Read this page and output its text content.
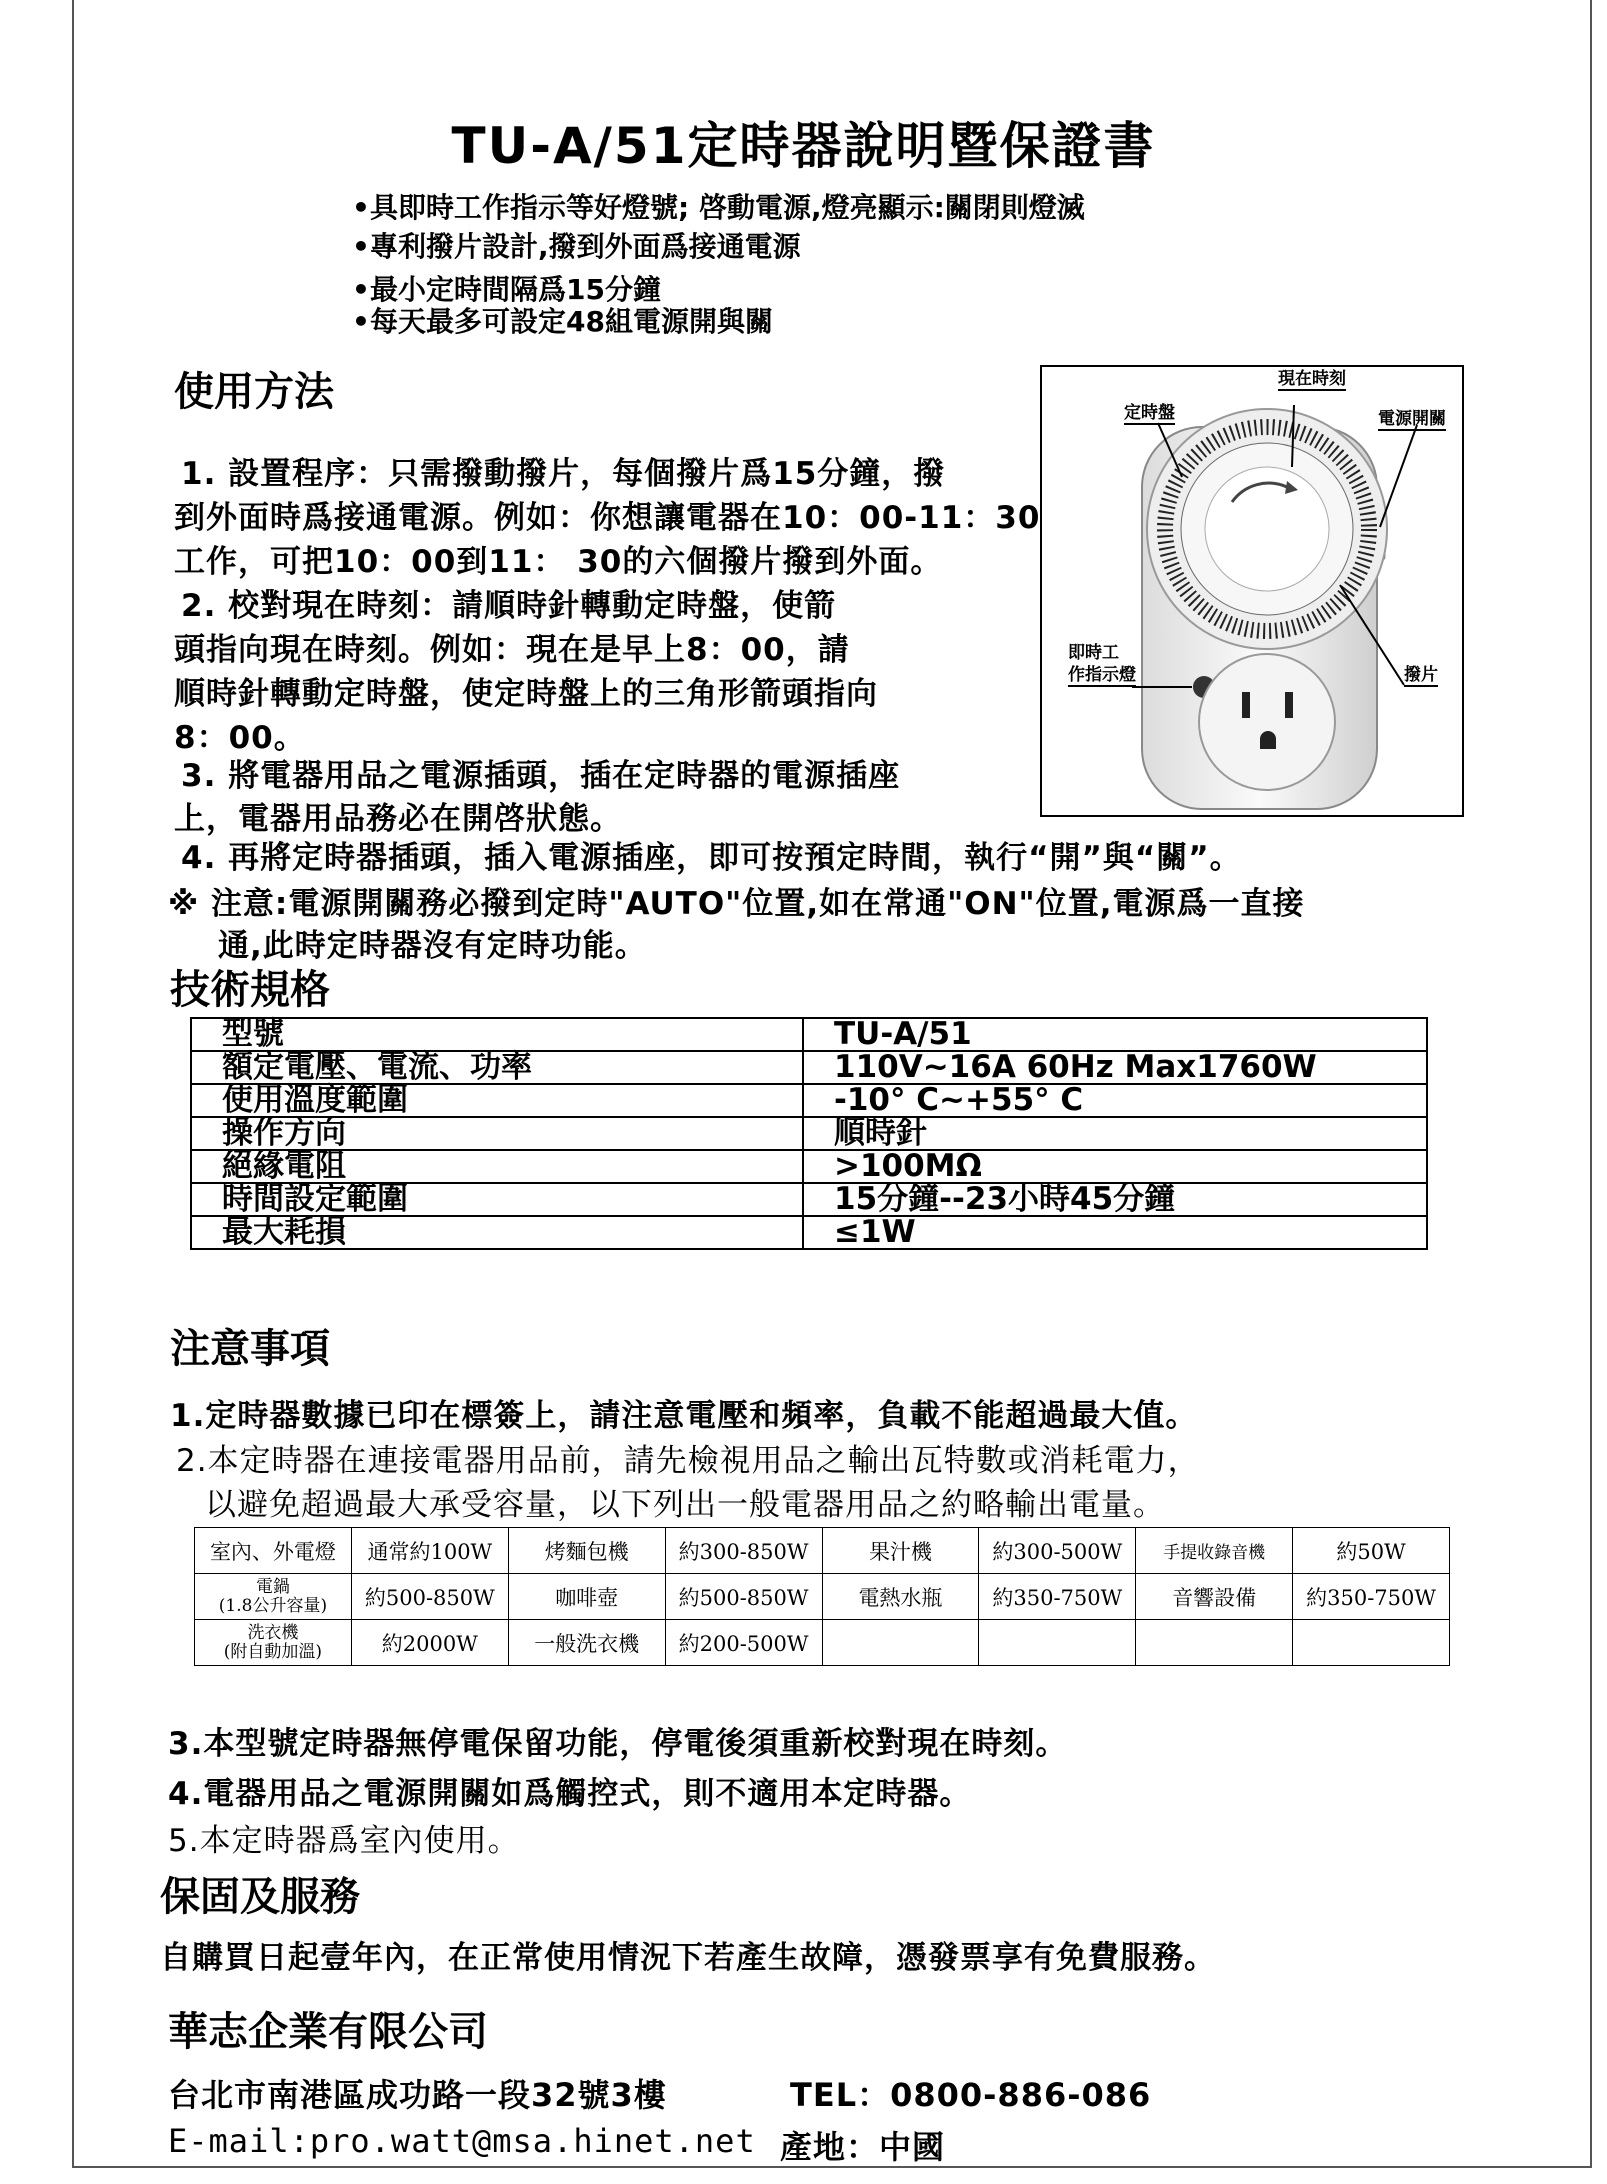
TU-A/51定時器說明暨保證書
•具即時工作指示等好燈號; 啓動電源,燈亮顯示:關閉則燈滅
•專利撥片設計,撥到外面爲接通電源
•最小定時間隔爲15分鐘
•每天最多可設定48組電源開與關
使用方法
1. 設置程序：只需撥動撥片，每個撥片爲15分鐘，撥
到外面時爲接通電源。例如：你想讓電器在10：00-11：30
工作，可把10：00到11： 30的六個撥片撥到外面。
2. 校對現在時刻：請順時針轉動定時盤，使箭
頭指向現在時刻。例如：現在是早上8：00，請
順時針轉動定時盤，使定時盤上的三角形箭頭指向
8：00。
3. 將電器用品之電源插頭，插在定時器的電源插座
上，電器用品務必在開啓狀態。
4. 再將定時器插頭，插入電源插座，即可按預定時間，執行“開”與“關”。
※ 注意:電源開關務必撥到定時"AUTO"位置,如在常通"ON"位置,電源爲一直接
通,此時定時器沒有定時功能。
現在時刻
定時盤	電源開關
即時工
作指示燈	撥片
技術規格
型號	TU-A/51
額定電壓、電流、功率	110V~16A 60Hz Max1760W
使用溫度範圍	-10° C~+55° C
操作方向	順時針
絕緣電阻	>100MΩ
時間設定範圍	15分鐘--23小時45分鐘
最大耗損	≤1W
注意事項
1.定時器數據已印在標簽上，請注意電壓和頻率，負載不能超過最大值。
2.本定時器在連接電器用品前，請先檢視用品之輸出瓦特數或消耗電力，
以避免超過最大承受容量，以下列出一般電器用品之約略輸出電量。
室內、外電燈	通常約100W	烤麵包機	約300-850W	果汁機	約300-500W	手提收錄音機	約50W
電鍋
(1.8公升容量)	約500-850W	咖啡壺	約500-850W	電熱水瓶	約350-750W	音響設備	約350-750W
洗衣機
(附自動加溫)	約2000W	一般洗衣機	約200-500W				
3.本型號定時器無停電保留功能，停電後須重新校對現在時刻。
4.電器用品之電源開關如爲觸控式，則不適用本定時器。
5.本定時器爲室內使用。
保固及服務
自購買日起壹年內，在正常使用情況下若產生故障，憑發票享有免費服務。
華志企業有限公司
台北市南港區成功路一段32號3樓	TEL：0800-886-086
E-mail:pro.watt@msa.hinet.net 產地：中國
